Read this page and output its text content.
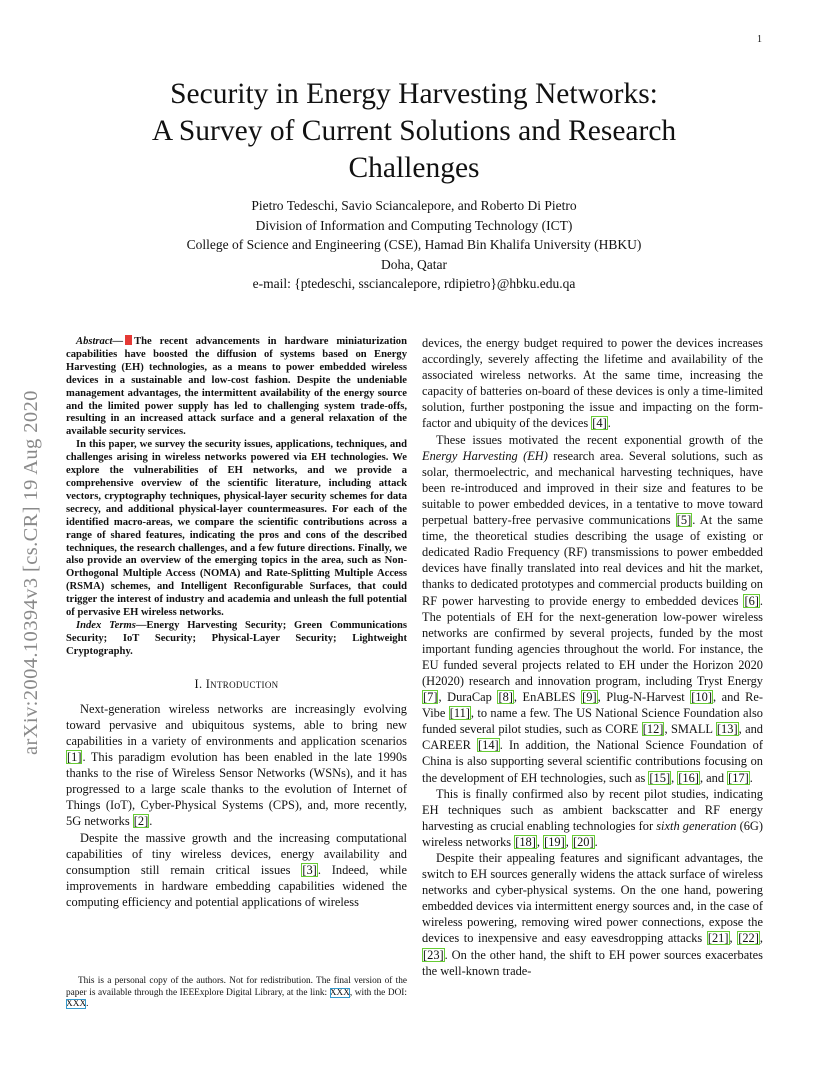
1
arXiv:2004.10394v3 [cs.CR] 19 Aug 2020
Security in Energy Harvesting Networks:
A Survey of Current Solutions and Research
Challenges
Pietro Tedeschi, Savio Sciancalepore, and Roberto Di Pietro
Division of Information and Computing Technology (ICT)
College of Science and Engineering (CSE), Hamad Bin Khalifa University (HBKU)
Doha, Qatar
e-mail: {ptedeschi, ssciancalepore, rdipietro}@hbku.edu.qa

Abstract— The recent advancements in hardware miniaturization capabilities have boosted the diffusion of systems based on Energy Harvesting (EH) technologies, as a means to power embedded wireless devices in a sustainable and low-cost fashion. Despite the undeniable management advantages, the intermittent availability of the energy source and the limited power supply has led to challenging system trade-offs, resulting in an increased attack surface and a general relaxation of the available security services.

In this paper, we survey the security issues, applications, techniques, and challenges arising in wireless networks powered via EH technologies. We explore the vulnerabilities of EH networks, and we provide a comprehensive overview of the scientific literature, including attack vectors, cryptography techniques, physical-layer security schemes for data secrecy, and additional physical-layer countermeasures. For each of the identified macro-areas, we compare the scientific contributions across a range of shared features, indicating the pros and cons of the described techniques, the research challenges, and a few future directions. Finally, we also provide an overview of the emerging topics in the area, such as Non-Orthogonal Multiple Access (NOMA) and Rate-Splitting Multiple Access (RSMA) schemes, and Intelligent Reconfigurable Surfaces, that could trigger the interest of industry and academia and unleash the full potential of pervasive EH wireless networks.

Index Terms—Energy Harvesting Security; Green Communications Security; IoT Security; Physical-Layer Security; Lightweight Cryptography.

I. Introduction

Next-generation wireless networks are increasingly evolving toward pervasive and ubiquitous systems, able to bring new capabilities in a variety of environments and application scenarios [1]. This paradigm evolution has been enabled in the late 1990s thanks to the rise of Wireless Sensor Networks (WSNs), and it has progressed to a large scale thanks to the evolution of Internet of Things (IoT), Cyber-Physical Systems (CPS), and, more recently, 5G networks [2].

Despite the massive growth and the increasing computational capabilities of tiny wireless devices, energy availability and consumption still remain critical issues [3]. Indeed, while improvements in hardware embedding capabilities widened the computing efficiency and potential applications of wireless

This is a personal copy of the authors. Not for redistribution. The final version of the paper is available through the IEEExplore Digital Library, at the link: XXX, with the DOI: XXX.

devices, the energy budget required to power the devices increases accordingly, severely affecting the lifetime and availability of the associated wireless networks. At the same time, increasing the capacity of batteries on-board of these devices is only a time-limited solution, further postponing the issue and impacting on the form-factor and ubiquity of the devices [4].

These issues motivated the recent exponential growth of the Energy Harvesting (EH) research area. Several solutions, such as solar, thermoelectric, and mechanical harvesting techniques, have been re-introduced and improved in their size and features to be suitable to power embedded devices, in a tentative to move toward perpetual battery-free pervasive communications [5]. At the same time, the theoretical studies describing the usage of existing or dedicated Radio Frequency (RF) transmissions to power embedded devices have finally translated into real devices and hit the market, thanks to dedicated prototypes and commercial products building on RF power harvesting to provide energy to embedded devices [6]. The potentials of EH for the next-generation low-power wireless networks are confirmed by several projects, funded by the most important funding agencies throughout the world. For instance, the EU funded several projects related to EH under the Horizon 2020 (H2020) research and innovation program, including Tryst Energy [7], DuraCap [8], EnABLES [9], Plug-N-Harvest [10], and Re-Vibe [11], to name a few. The US National Science Foundation also funded several pilot studies, such as CORE [12], SMALL [13], and CAREER [14]. In addition, the National Science Foundation of China is also supporting several scientific contributions focusing on the development of EH technologies, such as [15], [16], and [17].

This is finally confirmed also by recent pilot studies, indicating EH techniques such as ambient backscatter and RF energy harvesting as crucial enabling technologies for sixth generation (6G) wireless networks [18], [19], [20].

Despite their appealing features and significant advantages, the switch to EH sources generally widens the attack surface of wireless networks and cyber-physical systems. On the one hand, powering embedded devices via intermittent energy sources and, in the case of wireless powering, removing wired power connections, expose the devices to inexpensive and easy eavesdropping attacks [21], [22], [23]. On the other hand, the shift to EH power sources exacerbates the well-known trade-
